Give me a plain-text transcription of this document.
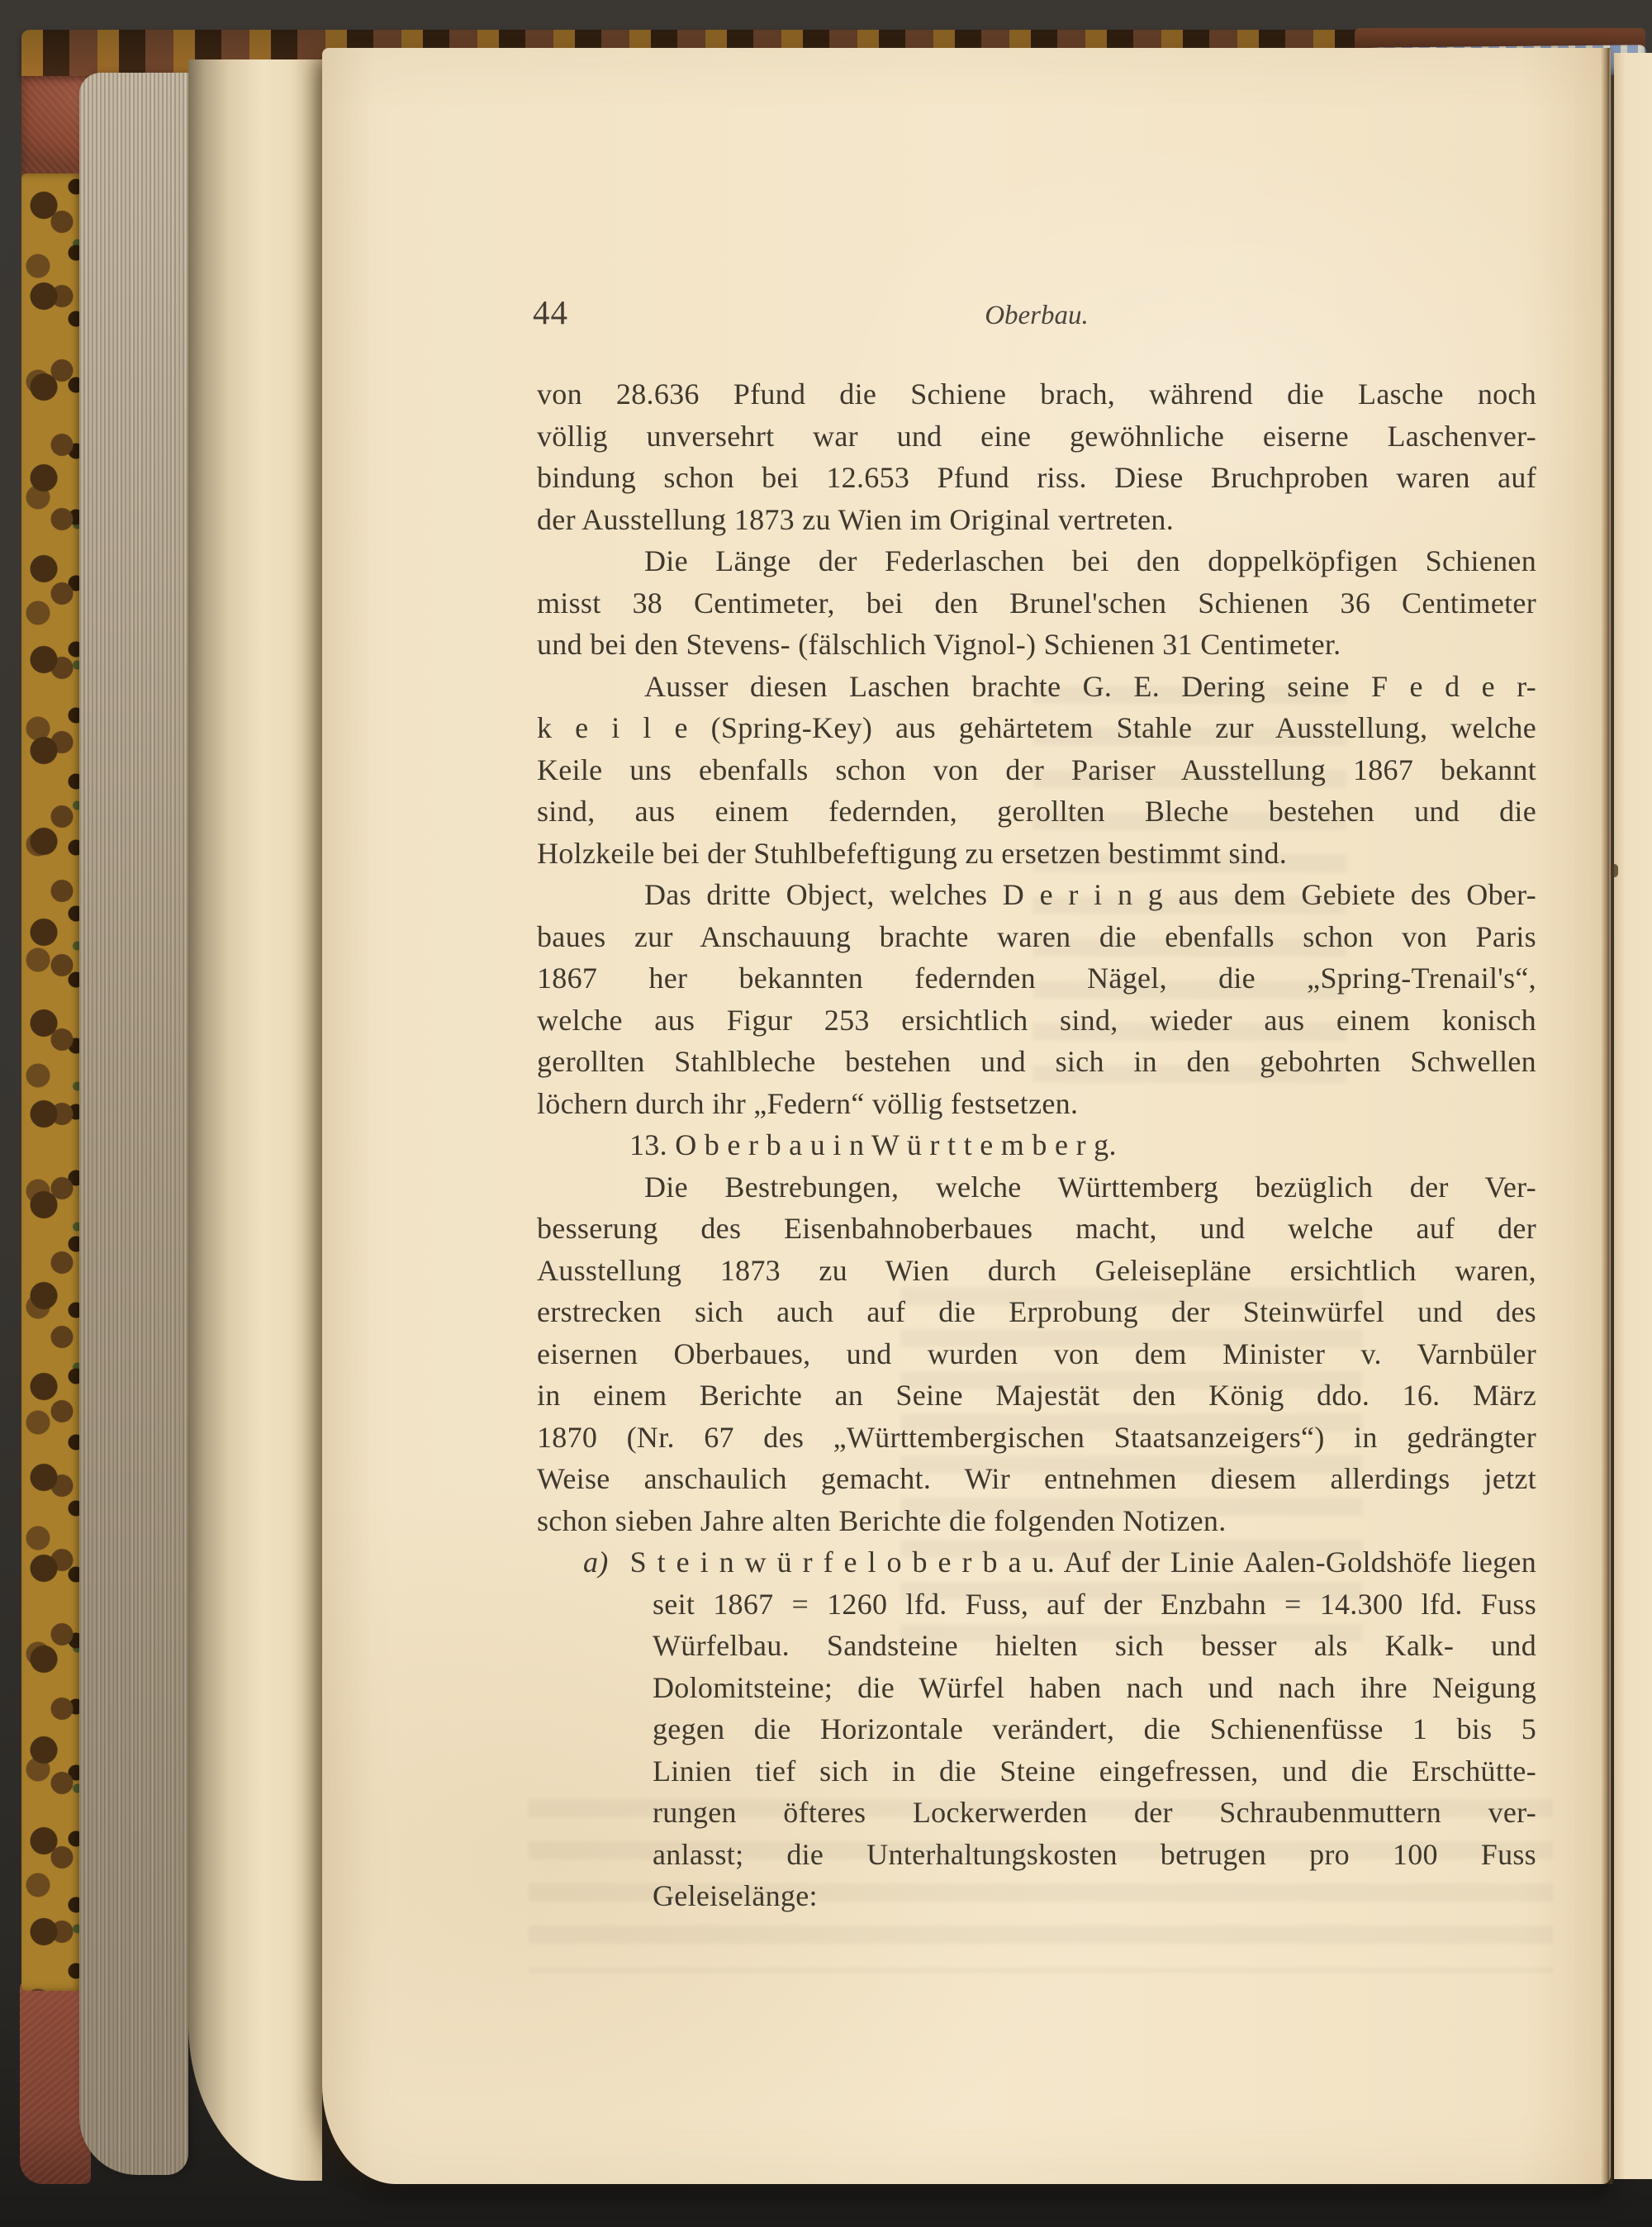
44	Oberbau.
von 28.636 Pfund die Schiene brach, während die Lasche noch
völlig unversehrt war und eine gewöhnliche eiserne Laschenver-
bindung schon bei 12.653 Pfund riss. Diese Bruchproben waren auf
der Ausstellung 1873 zu Wien im Original vertreten.
Die Länge der Federlaschen bei den doppelköpfigen Schienen
misst 38 Centimeter, bei den Brunel'schen Schienen 36 Centimeter
und bei den Stevens- (fälschlich Vignol-) Schienen 31 Centimeter.
Ausser diesen Laschen brachte G. E. Dering seine F e d e r-
k e i l e (Spring-Key) aus gehärtetem Stahle zur Ausstellung, welche
Keile uns ebenfalls schon von der Pariser Ausstellung 1867 bekannt
sind, aus einem federnden, gerollten Bleche bestehen und die
Holzkeile bei der Stuhlbefeftigung zu ersetzen bestimmt sind.
Das dritte Object, welches D e r i n g aus dem Gebiete des Ober-
baues zur Anschauung brachte waren die ebenfalls schon von Paris
1867 her bekannten federnden Nägel, die „Spring-Trenail's“,
welche aus Figur 253 ersichtlich sind, wieder aus einem konisch
gerollten Stahlbleche bestehen und sich in den gebohrten Schwellen
löchern durch ihr „Federn“ völlig festsetzen.
13. O b e r b a u i n W ü r t t e m b e r g.
Die Bestrebungen, welche Württemberg bezüglich der Ver-
besserung des Eisenbahnoberbaues macht, und welche auf der
Ausstellung 1873 zu Wien durch Geleisepläne ersichtlich waren,
erstrecken sich auch auf die Erprobung der Steinwürfel und des
eisernen Oberbaues, und wurden von dem Minister v. Varnbüler
in einem Berichte an Seine Majestät den König ddo. 16. März
1870 (Nr. 67 des „Württembergischen Staatsanzeigers“) in gedrängter
Weise anschaulich gemacht. Wir entnehmen diesem allerdings jetzt
schon sieben Jahre alten Berichte die folgenden Notizen.
a) S t e i n w ü r f e l o b e r b a u. Auf der Linie Aalen-Goldshöfe liegen
seit 1867 = 1260 lfd. Fuss, auf der Enzbahn = 14.300 lfd. Fuss
Würfelbau. Sandsteine hielten sich besser als Kalk- und
Dolomitsteine; die Würfel haben nach und nach ihre Neigung
gegen die Horizontale verändert, die Schienenfüsse 1 bis 5
Linien tief sich in die Steine eingefressen, und die Erschütte-
rungen öfteres Lockerwerden der Schraubenmuttern ver-
anlasst; die Unterhaltungskosten betrugen pro 100 Fuss
Geleiselänge:
